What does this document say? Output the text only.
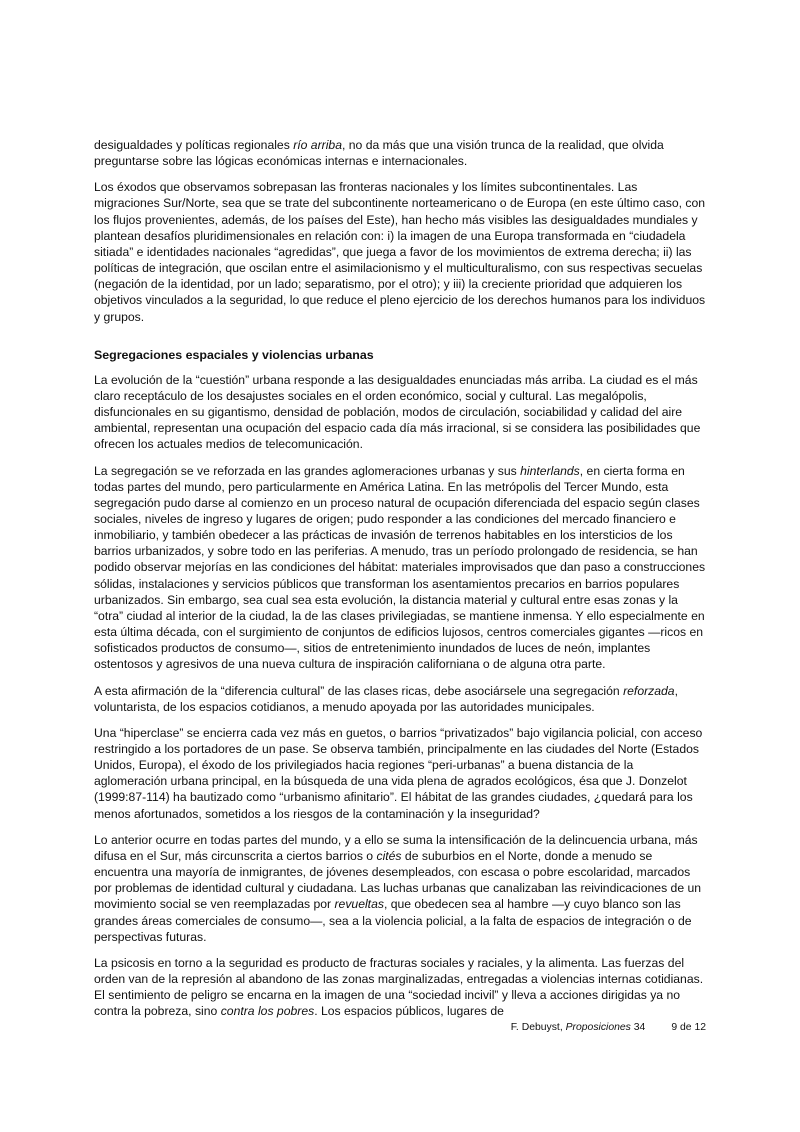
desigualdades y políticas regionales río arriba, no da más que una visión trunca de la realidad, que olvida preguntarse sobre las lógicas económicas internas e internacionales.

Los éxodos que observamos sobrepasan las fronteras nacionales y los límites subcontinentales. Las migraciones Sur/Norte, sea que se trate del subcontinente norteamericano o de Europa (en este último caso, con los flujos provenientes, además, de los países del Este), han hecho más visibles las desigualdades mundiales y plantean desafíos pluridimensionales en relación con: i) la imagen de una Europa transformada en “ciudadela sitiada” e identidades nacionales “agredidas”, que juega a favor de los movimientos de extrema derecha; ii) las políticas de integración, que oscilan entre el asimilacionismo y el multiculturalismo, con sus respectivas secuelas (negación de la identidad, por un lado; separatismo, por el otro); y iii) la creciente prioridad que adquieren los objetivos vinculados a la seguridad, lo que reduce el pleno ejercicio de los derechos humanos para los individuos y grupos.

Segregaciones espaciales y violencias urbanas

La evolución de la “cuestión” urbana responde a las desigualdades enunciadas más arriba. La ciudad es el más claro receptáculo de los desajustes sociales en el orden económico, social y cultural. Las megalópolis, disfuncionales en su gigantismo, densidad de población, modos de circulación, sociabilidad y calidad del aire ambiental, representan una ocupación del espacio cada día más irracional, si se considera las posibilidades que ofrecen los actuales medios de telecomunicación.

La segregación se ve reforzada en las grandes aglomeraciones urbanas y sus hinterlands, en cierta forma en todas partes del mundo, pero particularmente en América Latina. En las metrópolis del Tercer Mundo, esta segregación pudo darse al comienzo en un proceso natural de ocupación diferenciada del espacio según clases sociales, niveles de ingreso y lugares de origen; pudo responder a las condiciones del mercado financiero e inmobiliario, y también obedecer a las prácticas de invasión de terrenos habitables en los intersticios de los barrios urbanizados, y sobre todo en las periferias. A menudo, tras un período prolongado de residencia, se han podido observar mejorías en las condiciones del hábitat: materiales improvisados que dan paso a construcciones sólidas, instalaciones y servicios públicos que transforman los asentamientos precarios en barrios populares urbanizados. Sin embargo, sea cual sea esta evolución, la distancia material y cultural entre esas zonas y la “otra” ciudad al interior de la ciudad, la de las clases privilegiadas, se mantiene inmensa. Y ello especialmente en esta última década, con el surgimiento de conjuntos de edificios lujosos, centros comerciales gigantes —ricos en sofisticados productos de consumo—, sitios de entretenimiento inundados de luces de neón, implantes ostentosos y agresivos de una nueva cultura de inspiración californiana o de alguna otra parte.

A esta afirmación de la “diferencia cultural” de las clases ricas, debe asociársele una segregación reforzada, voluntarista, de los espacios cotidianos, a menudo apoyada por las autoridades municipales.

Una “hiperclase” se encierra cada vez más en guetos, o barrios “privatizados” bajo vigilancia policial, con acceso restringido a los portadores de un pase. Se observa también, principalmente en las ciudades del Norte (Estados Unidos, Europa), el éxodo de los privilegiados hacia regiones “peri-urbanas” a buena distancia de la aglomeración urbana principal, en la búsqueda de una vida plena de agrados ecológicos, ésa que J. Donzelot (1999:87-114) ha bautizado como “urbanismo afinitario”. El hábitat de las grandes ciudades, ¿quedará para los menos afortunados, sometidos a los riesgos de la contaminación y la inseguridad?

Lo anterior ocurre en todas partes del mundo, y a ello se suma la intensificación de la delincuencia urbana, más difusa en el Sur, más circunscrita a ciertos barrios o cités de suburbios en el Norte, donde a menudo se encuentra una mayoría de inmigrantes, de jóvenes desempleados, con escasa o pobre escolaridad, marcados por problemas de identidad cultural y ciudadana. Las luchas urbanas que canalizaban las reivindicaciones de un movimiento social se ven reemplazadas por revueltas, que obedecen sea al hambre —y cuyo blanco son las grandes áreas comerciales de consumo—, sea a la violencia policial, a la falta de espacios de integración o de perspectivas futuras.

La psicosis en torno a la seguridad es producto de fracturas sociales y raciales, y la alimenta. Las fuerzas del orden van de la represión al abandono de las zonas marginalizadas, entregadas a violencias internas cotidianas. El sentimiento de peligro se encarna en la imagen de una “sociedad incivil” y lleva a acciones dirigidas ya no contra la pobreza, sino contra los pobres. Los espacios públicos, lugares de

F. Debuyst, Proposiciones 34	9 de 12
